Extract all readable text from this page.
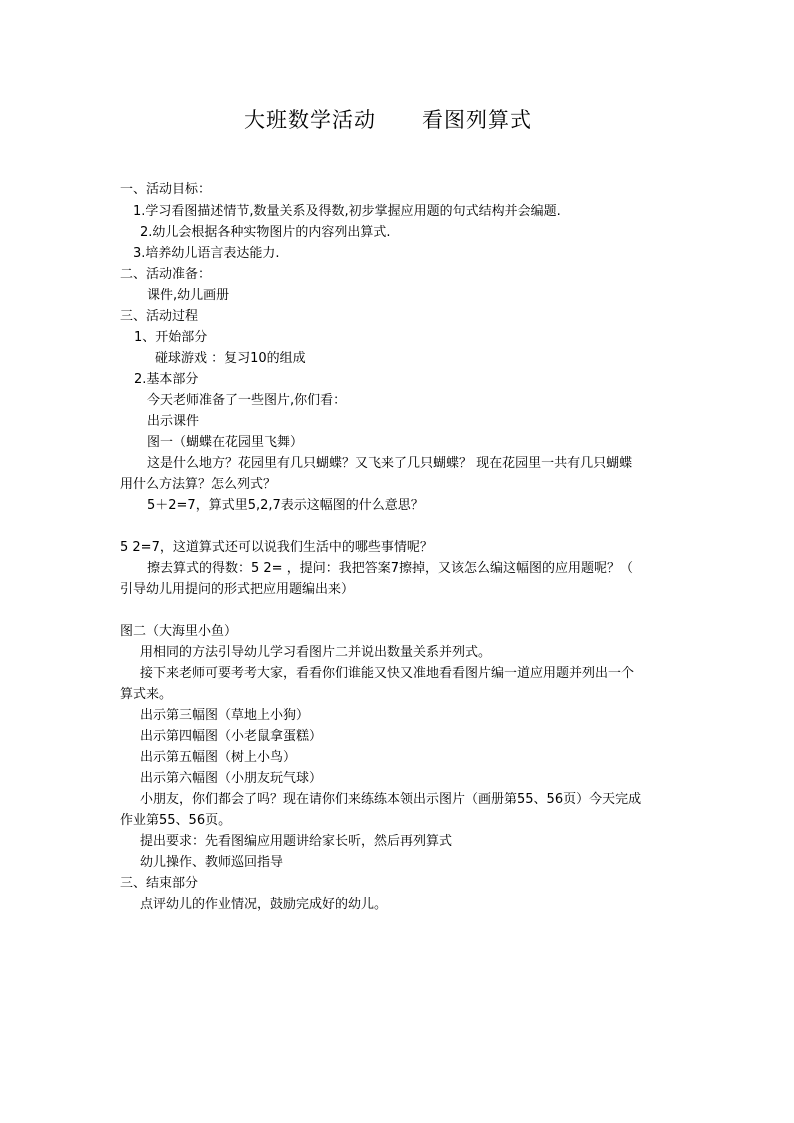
大班数学活动 看图列算式
一、活动目标：
1.学习看图描述情节,数量关系及得数,初步掌握应用题的句式结构并会编题.
2.幼儿会根据各种实物图片的内容列出算式.
3.培养幼儿语言表达能力.
二、活动准备：
课件,幼儿画册
三、活动过程
1、开始部分
碰球游戏 ：复习10的组成
2.基本部分
今天老师准备了一些图片,你们看：
出示课件
图一（蝴蝶在花园里飞舞）
这是什么地方？花园里有几只蝴蝶？又飞来了几只蝴蝶？ 现在花园里一共有几只蝴蝶
用什么方法算？怎么列式？
5＋2=7，算式里5,2,7表示这幅图的什么意思？
5 2=7，这道算式还可以说我们生活中的哪些事情呢？
擦去算式的得数：5 2= ，提问：我把答案7擦掉，又该怎么编这幅图的应用题呢？（
引导幼儿用提问的形式把应用题编出来）
图二（大海里小鱼）
用相同的方法引导幼儿学习看图片二并说出数量关系并列式。
接下来老师可要考考大家，看看你们谁能又快又准地看看图片编一道应用题并列出一个
算式来。
出示第三幅图（草地上小狗）
出示第四幅图（小老鼠拿蛋糕）
出示第五幅图（树上小鸟）
出示第六幅图（小朋友玩气球）
小朋友，你们都会了吗？现在请你们来练练本领出示图片（画册第55、56页）今天完成
作业第55、56页。
提出要求：先看图编应用题讲给家长听，然后再列算式
幼儿操作、教师巡回指导
三、结束部分
点评幼儿的作业情况，鼓励完成好的幼儿。
